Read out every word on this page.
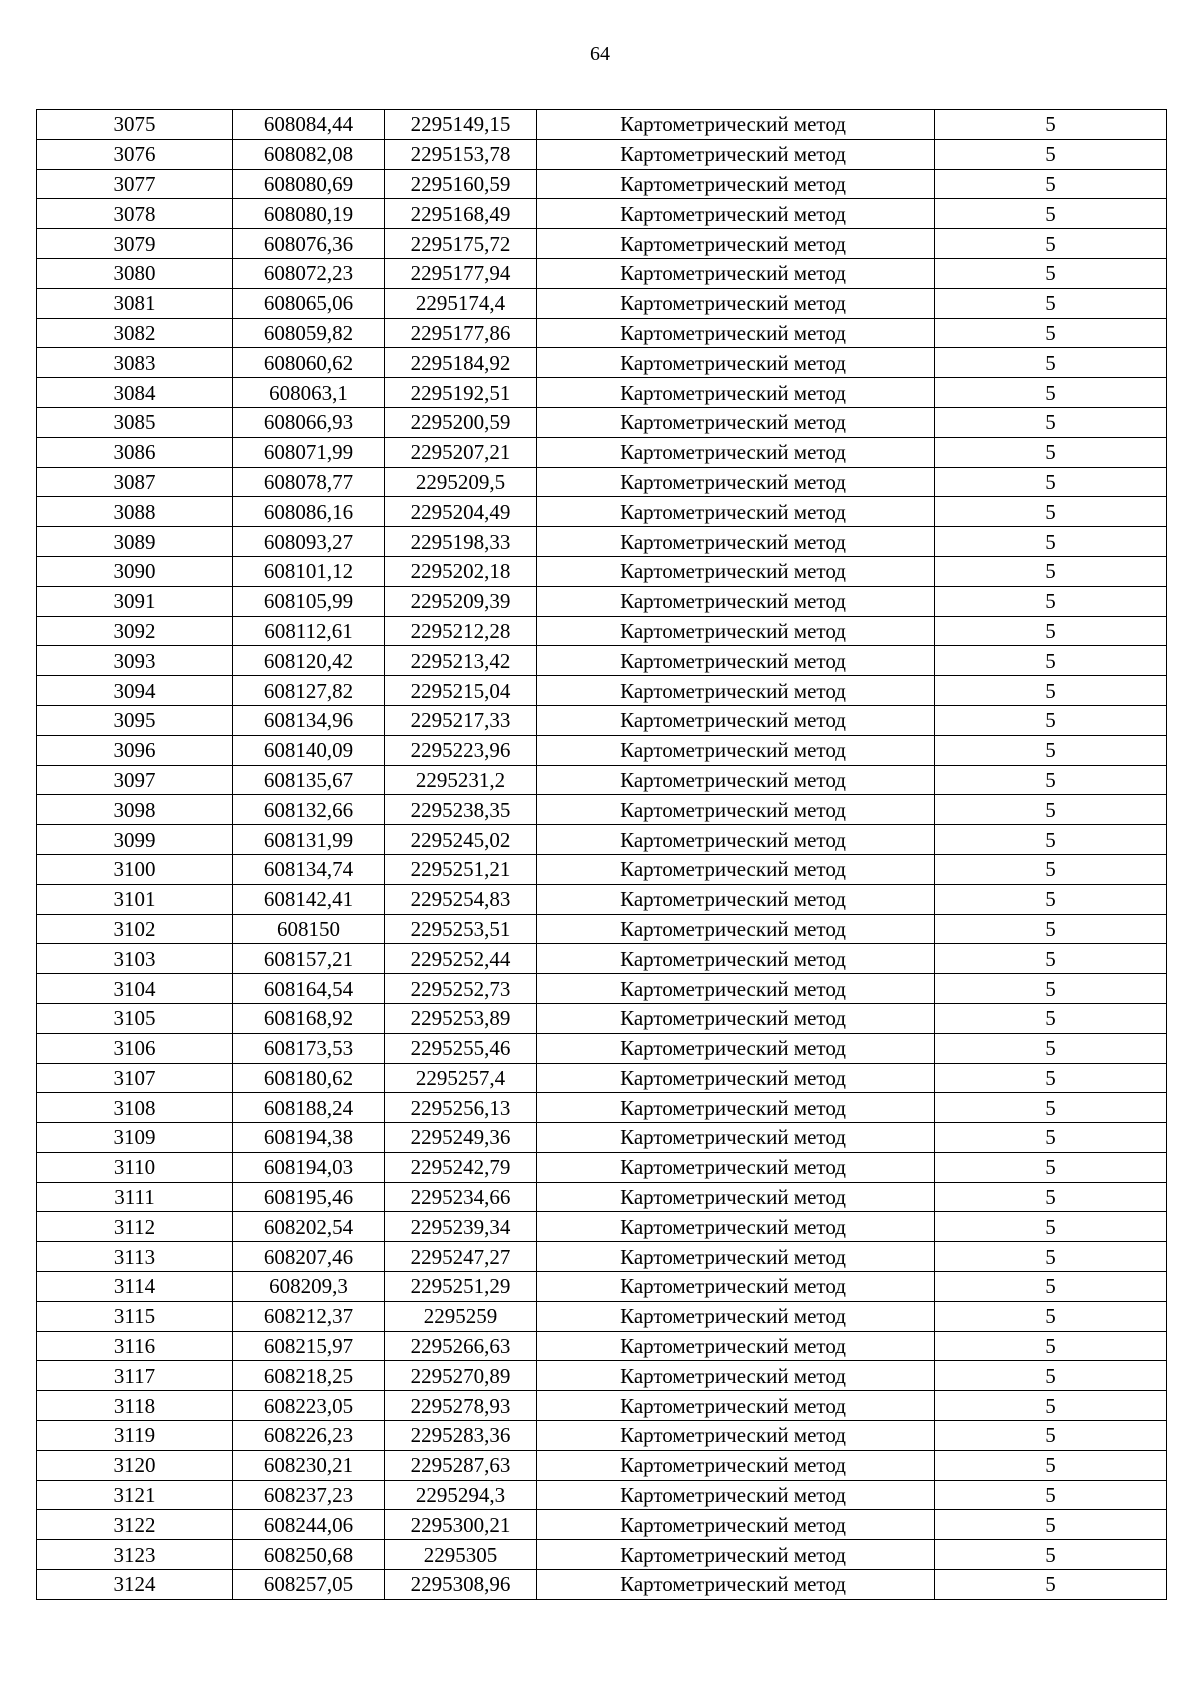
64
3075	608084,44	2295149,15	Картометрический метод	5
3076	608082,08	2295153,78	Картометрический метод	5
3077	608080,69	2295160,59	Картометрический метод	5
3078	608080,19	2295168,49	Картометрический метод	5
3079	608076,36	2295175,72	Картометрический метод	5
3080	608072,23	2295177,94	Картометрический метод	5
3081	608065,06	2295174,4	Картометрический метод	5
3082	608059,82	2295177,86	Картометрический метод	5
3083	608060,62	2295184,92	Картометрический метод	5
3084	608063,1	2295192,51	Картометрический метод	5
3085	608066,93	2295200,59	Картометрический метод	5
3086	608071,99	2295207,21	Картометрический метод	5
3087	608078,77	2295209,5	Картометрический метод	5
3088	608086,16	2295204,49	Картометрический метод	5
3089	608093,27	2295198,33	Картометрический метод	5
3090	608101,12	2295202,18	Картометрический метод	5
3091	608105,99	2295209,39	Картометрический метод	5
3092	608112,61	2295212,28	Картометрический метод	5
3093	608120,42	2295213,42	Картометрический метод	5
3094	608127,82	2295215,04	Картометрический метод	5
3095	608134,96	2295217,33	Картометрический метод	5
3096	608140,09	2295223,96	Картометрический метод	5
3097	608135,67	2295231,2	Картометрический метод	5
3098	608132,66	2295238,35	Картометрический метод	5
3099	608131,99	2295245,02	Картометрический метод	5
3100	608134,74	2295251,21	Картометрический метод	5
3101	608142,41	2295254,83	Картометрический метод	5
3102	608150	2295253,51	Картометрический метод	5
3103	608157,21	2295252,44	Картометрический метод	5
3104	608164,54	2295252,73	Картометрический метод	5
3105	608168,92	2295253,89	Картометрический метод	5
3106	608173,53	2295255,46	Картометрический метод	5
3107	608180,62	2295257,4	Картометрический метод	5
3108	608188,24	2295256,13	Картометрический метод	5
3109	608194,38	2295249,36	Картометрический метод	5
3110	608194,03	2295242,79	Картометрический метод	5
3111	608195,46	2295234,66	Картометрический метод	5
3112	608202,54	2295239,34	Картометрический метод	5
3113	608207,46	2295247,27	Картометрический метод	5
3114	608209,3	2295251,29	Картометрический метод	5
3115	608212,37	2295259	Картометрический метод	5
3116	608215,97	2295266,63	Картометрический метод	5
3117	608218,25	2295270,89	Картометрический метод	5
3118	608223,05	2295278,93	Картометрический метод	5
3119	608226,23	2295283,36	Картометрический метод	5
3120	608230,21	2295287,63	Картометрический метод	5
3121	608237,23	2295294,3	Картометрический метод	5
3122	608244,06	2295300,21	Картометрический метод	5
3123	608250,68	2295305	Картометрический метод	5
3124	608257,05	2295308,96	Картометрический метод	5
